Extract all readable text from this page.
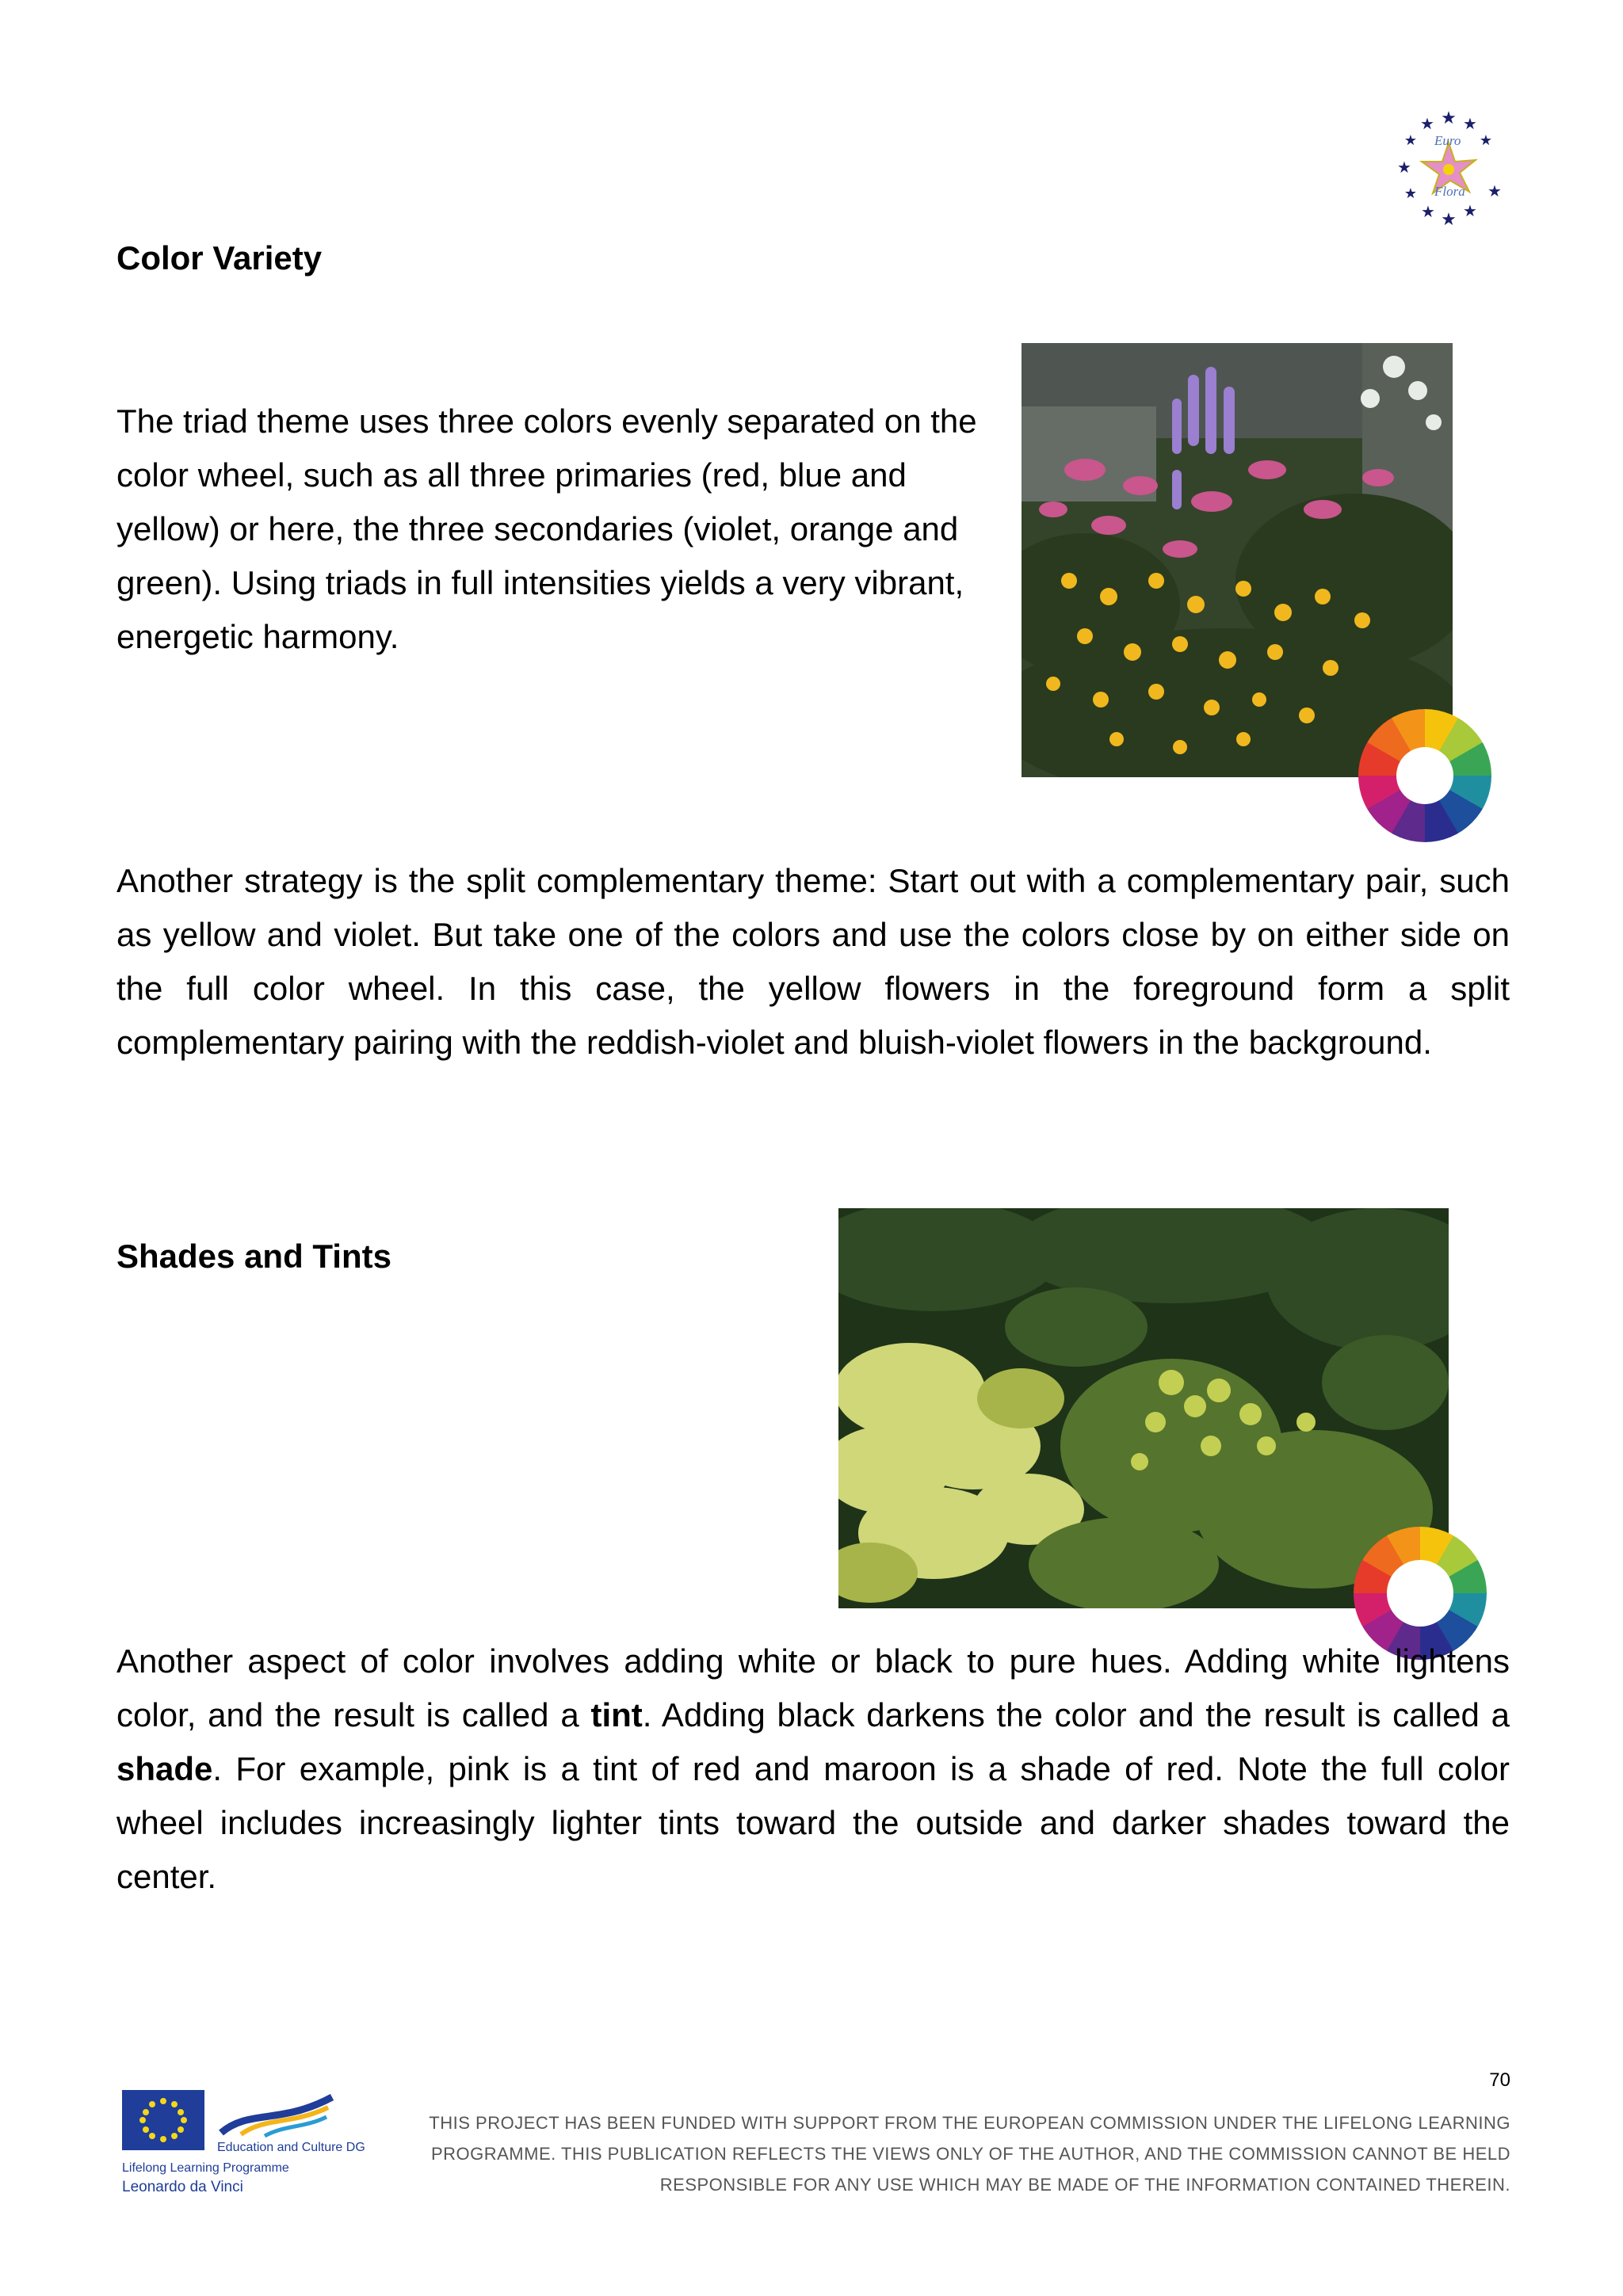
★ ★
★
★
★
★
★
★
★ ★
★
Euro
Flora
Color Variety

The triad theme uses three colors evenly separated on the color wheel, such as all three primaries (red, blue and yellow) or here, the three secondaries (violet, orange and green). Using triads in full intensities yields a very vibrant, energetic harmony.

Another strategy is the split complementary theme: Start out with a complementary pair, such as yellow and violet. But take one of the colors and use the colors close by on either side on the full color wheel. In this case, the yellow flowers in the foreground form a split complementary pairing with the reddish-violet and bluish-violet flowers in the background.

Shades and Tints

Another aspect of color involves adding white or black to pure hues. Adding white lightens color, and the result is called a tint. Adding black darkens the color and the result is called a shade. For example, pink is a tint of red and maroon is a shade of red. Note the full color wheel includes increasingly lighter tints toward the outside and darker shades toward the center.

70
Education and Culture DG
Lifelong Learning Programme
Leonardo da Vinci
THIS PROJECT HAS BEEN FUNDED WITH SUPPORT FROM THE EUROPEAN COMMISSION UNDER THE LIFELONG LEARNING
PROGRAMME. THIS PUBLICATION REFLECTS THE VIEWS ONLY OF THE AUTHOR, AND THE COMMISSION CANNOT BE HELD
RESPONSIBLE FOR ANY USE WHICH MAY BE MADE OF THE INFORMATION CONTAINED THEREIN.
